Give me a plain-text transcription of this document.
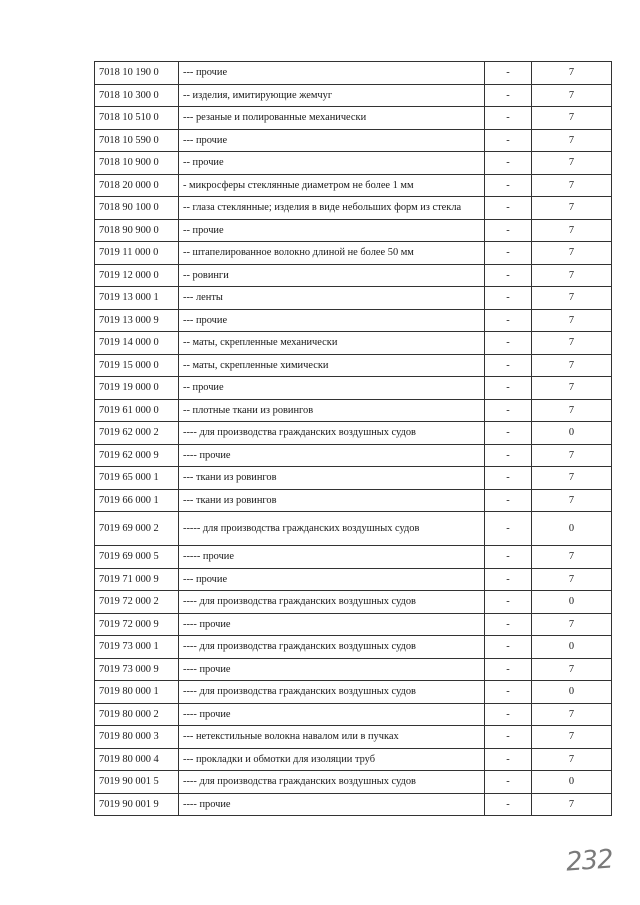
7018 10 190 0	--- прочие	-	7
7018 10 300 0	-- изделия, имитирующие жемчуг	-	7
7018 10 510 0	--- резаные и полированные механически	-	7
7018 10 590 0	--- прочие	-	7
7018 10 900 0	-- прочие	-	7
7018 20 000 0	- микросферы стеклянные диаметром не более 1 мм	-	7
7018 90 100 0	-- глаза стеклянные; изделия в виде небольших форм из стекла	-	7
7018 90 900 0	-- прочие	-	7
7019 11 000 0	-- штапелированное волокно длиной не более 50 мм	-	7
7019 12 000 0	-- ровинги	-	7
7019 13 000 1	--- ленты	-	7
7019 13 000 9	--- прочие	-	7
7019 14 000 0	-- маты, скрепленные механически	-	7
7019 15 000 0	-- маты, скрепленные химически	-	7
7019 19 000 0	-- прочие	-	7
7019 61 000 0	-- плотные ткани из ровингов	-	7
7019 62 000 2	---- для производства гражданских воздушных судов	-	0
7019 62 000 9	---- прочие	-	7
7019 65 000 1	--- ткани из ровингов	-	7
7019 66 000 1	--- ткани из ровингов	-	7
7019 69 000 2	----- для производства гражданских воздушных судов	-	0
7019 69 000 5	----- прочие	-	7
7019 71 000 9	--- прочие	-	7
7019 72 000 2	---- для производства гражданских воздушных судов	-	0
7019 72 000 9	---- прочие	-	7
7019 73 000 1	---- для производства гражданских воздушных судов	-	0
7019 73 000 9	---- прочие	-	7
7019 80 000 1	---- для производства гражданских воздушных судов	-	0
7019 80 000 2	---- прочие	-	7
7019 80 000 3	--- нетекстильные волокна навалом или в пучках	-	7
7019 80 000 4	--- прокладки и обмотки для изоляции труб	-	7
7019 90 001 5	---- для производства гражданских воздушных судов	-	0
7019 90 001 9	---- прочие	-	7
232
